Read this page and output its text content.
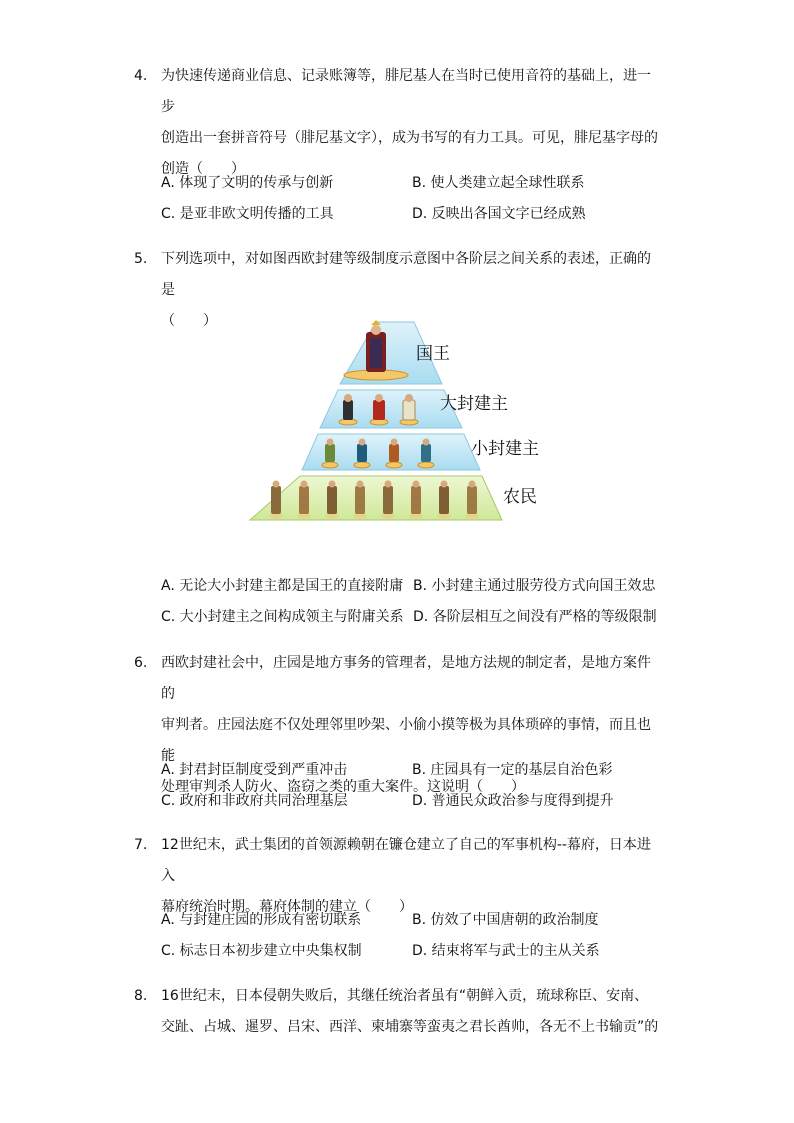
4. 为快速传递商业信息、记录账簿等，腓尼基人在当时已使用音符的基础上，进一步
创造出一套拼音符号（腓尼基文字），成为书写的有力工具。可见，腓尼基字母的
创造（　　）
A. 体现了文明的传承与创新	B. 使人类建立起全球性联系
C. 是亚非欧文明传播的工具	D. 反映出各国文字已经成熟
5. 下列选项中，对如图西欧封建等级制度示意图中各阶层之间关系的表述，正确的是
（　　）
国王
大封建主
小封建主
农民
A. 无论大小封建主都是国王的直接附庸 B. 小封建主通过服劳役方式向国王效忠
C. 大小封建主之间构成领主与附庸关系 D. 各阶层相互之间没有严格的等级限制
6. 西欧封建社会中，庄园是地方事务的管理者，是地方法规的制定者，是地方案件的
审判者。庄园法庭不仅处理邻里吵架、小偷小摸等极为具体琐碎的事情，而且也能
处理审判杀人防火、盗窃之类的重大案件。这说明（　　）
A. 封君封臣制度受到严重冲击	B. 庄园具有一定的基层自治色彩
C. 政府和非政府共同治理基层	D. 普通民众政治参与度得到提升
7. 12世纪末，武士集团的首领源赖朝在镰仓建立了自己的军事机构--幕府，日本进入
幕府统治时期。幕府体制的建立（　　）
A. 与封建庄园的形成有密切联系	B. 仿效了中国唐朝的政治制度
C. 标志日本初步建立中央集权制	D. 结束将军与武士的主从关系
8. 16世纪末，日本侵朝失败后，其继任统治者虽有“朝鲜入贡，琉球称臣、安南、
交趾、占城、暹罗、吕宋、西洋、柬埔寨等蛮夷之君长酋帅，各无不上书输贡”的
